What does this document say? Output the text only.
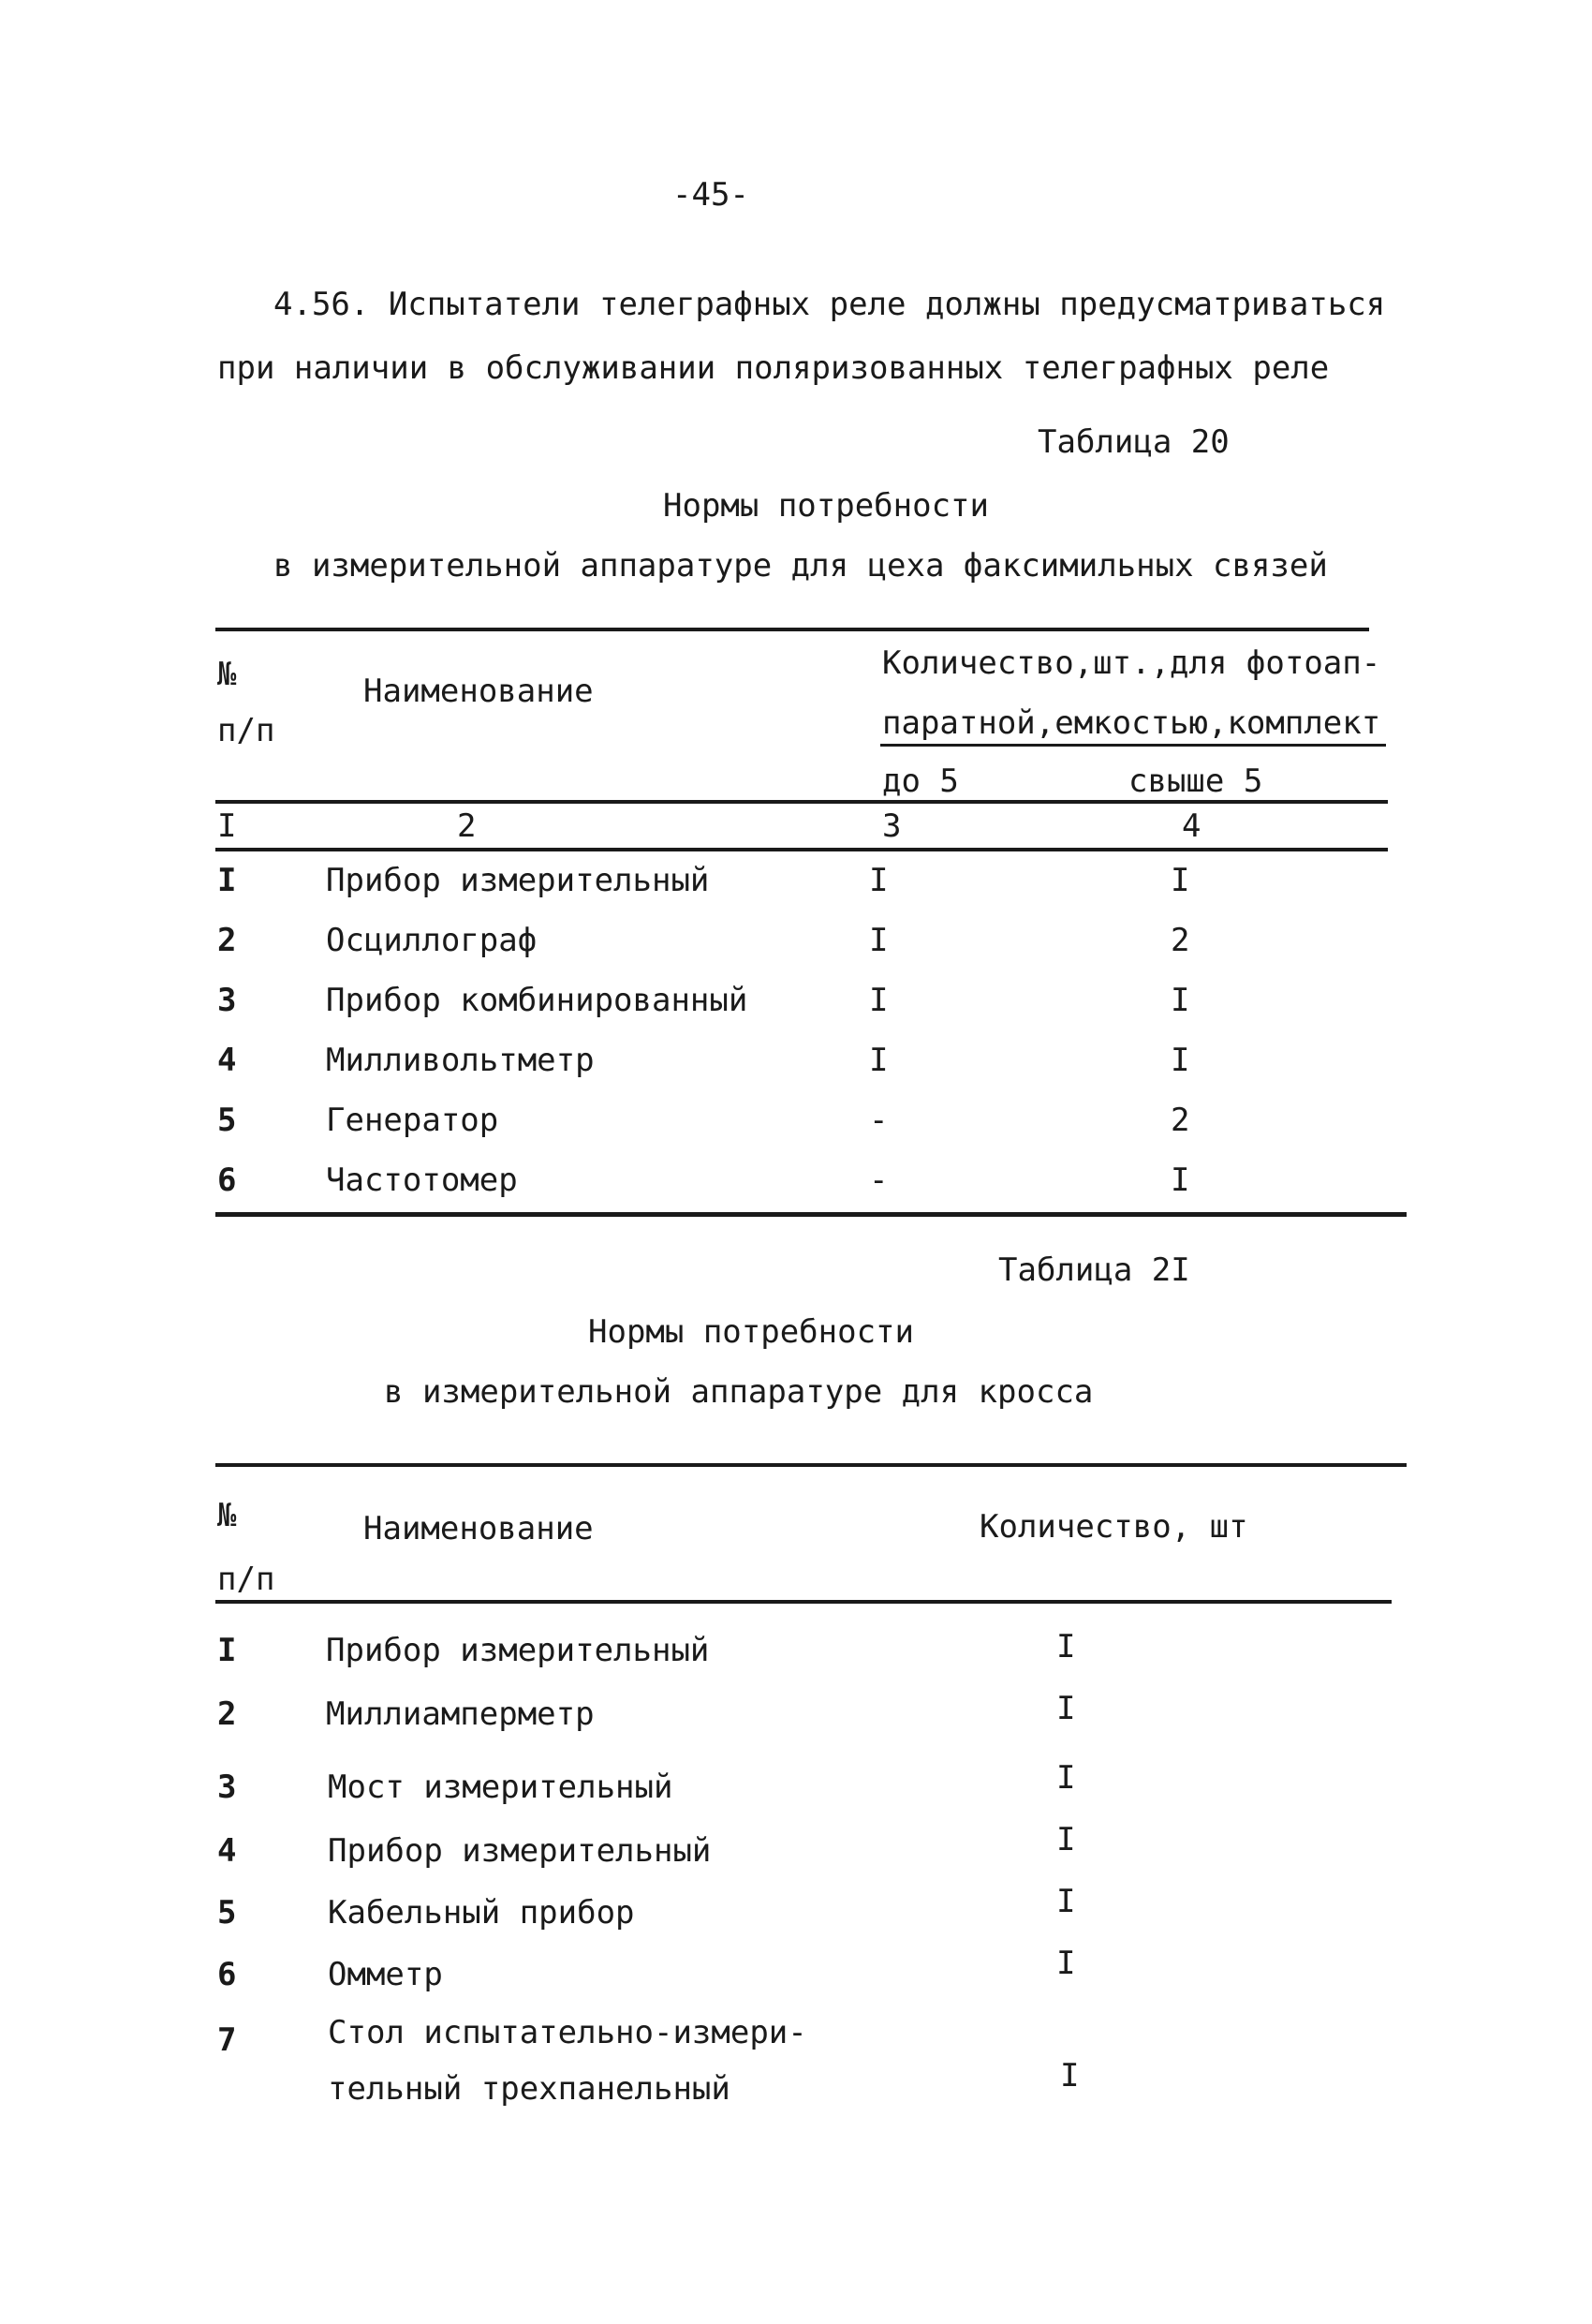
-45-
4.56. Испытатели телеграфных реле должны предусматриваться
при наличии в обслуживании поляризованных телеграфных реле
Таблица 20
Нормы потребности
в измерительной аппаратуре для цеха факсимильных связей
№
п/п
Наименование
Количество,шт.,для фотоап-
паратной,емкостью,комплект
до 5	свыше 5
I	2	3	4
I	Прибор измерительный	I	I
2	Осциллограф	I	2
3	Прибор комбинированный	I	I
4	Милливольтметр	I	I
5	Генератор	-	2
6	Частотомер	-	I
Таблица 2I
Нормы потребности
в измерительной аппаратуре для кросса
№
п/п
Наименование	Количество, шт
I	Прибор измерительный	I
2	Миллиамперметр	I
3	Мост измерительный	I
4	Прибор измерительный	I
5	Кабельный прибор	I
6	Омметр	I
7	Стол испытательно-измери-
тельный трехпанельный	I
